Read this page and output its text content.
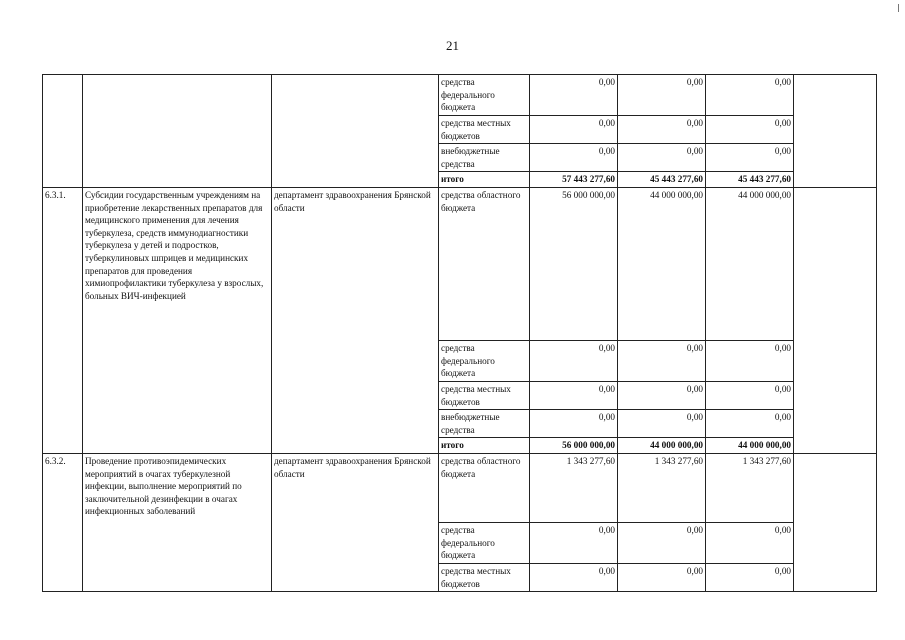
21
			средства федерального бюджета	0,00	0,00	0,00	
			средства местных бюджетов	0,00	0,00	0,00	
			внебюджетные средства	0,00	0,00	0,00	
			итого	57 443 277,60	45 443 277,60	45 443 277,60	
6.3.1.	Субсидии государственным учреждениям на приобретение лекарственных препаратов для медицинского применения для лечения туберкулеза, средств иммунодиагностики туберкулеза у детей и подростков, туберкулиновых шприцев и медицинских препаратов для проведения химиопрофилактики туберкулеза у взрослых, больных ВИЧ-инфекцией	департамент здравоохранения Брянской области	средства областного бюджета	56 000 000,00	44 000 000,00	44 000 000,00	
			средства федерального бюджета	0,00	0,00	0,00	
			средства местных бюджетов	0,00	0,00	0,00	
			внебюджетные средства	0,00	0,00	0,00	
			итого	56 000 000,00	44 000 000,00	44 000 000,00	
6.3.2.	Проведение противоэпидемических мероприятий в очагах туберкулезной инфекции, выполнение мероприятий по заключительной дезинфекции в очагах инфекционных заболеваний	департамент здравоохранения Брянской области	средства областного бюджета	1 343 277,60	1 343 277,60	1 343 277,60	
			средства федерального бюджета	0,00	0,00	0,00	
			средства местных бюджетов	0,00	0,00	0,00	
